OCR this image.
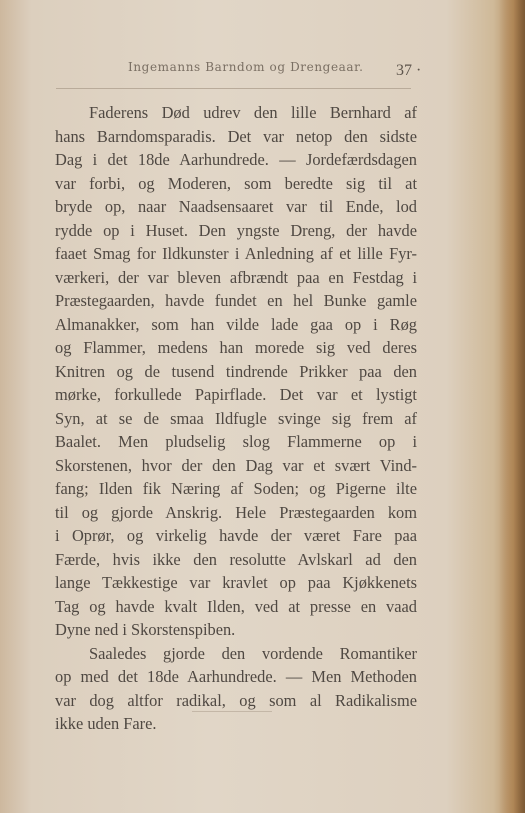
Ingemanns Barndom og Drengeaar. 37 ·
Faderens Død udrev den lille Bernhard af
hans Barndomsparadis. Det var netop den sidste
Dag i det 18de Aarhundrede. — Jordefærdsdagen
var forbi, og Moderen, som beredte sig til at
bryde op, naar Naadsensaaret var til Ende, lod
rydde op i Huset. Den yngste Dreng, der havde
faaet Smag for Ildkunster i Anledning af et lille Fyr-
værkeri, der var bleven afbrændt paa en Festdag i
Præstegaarden, havde fundet en hel Bunke gamle
Almanakker, som han vilde lade gaa op i Røg
og Flammer, medens han morede sig ved deres
Knitren og de tusend tindrende Prikker paa den
mørke, forkullede Papirflade. Det var et lystigt
Syn, at se de smaa Ildfugle svinge sig frem af
Baalet. Men pludselig slog Flammerne op i
Skorstenen, hvor der den Dag var et svært Vind-
fang; Ilden fik Næring af Soden; og Pigerne ilte
til og gjorde Anskrig. Hele Præstegaarden kom
i Oprør, og virkelig havde der været Fare paa
Færde, hvis ikke den resolutte Avlskarl ad den
lange Tækkestige var kravlet op paa Kjøkkenets
Tag og havde kvalt Ilden, ved at presse en vaad
Dyne ned i Skorstenspiben.
Saaledes gjorde den vordende Romantiker
op med det 18de Aarhundrede. — Men Methoden
var dog altfor radikal, og som al Radikalisme
ikke uden Fare.
